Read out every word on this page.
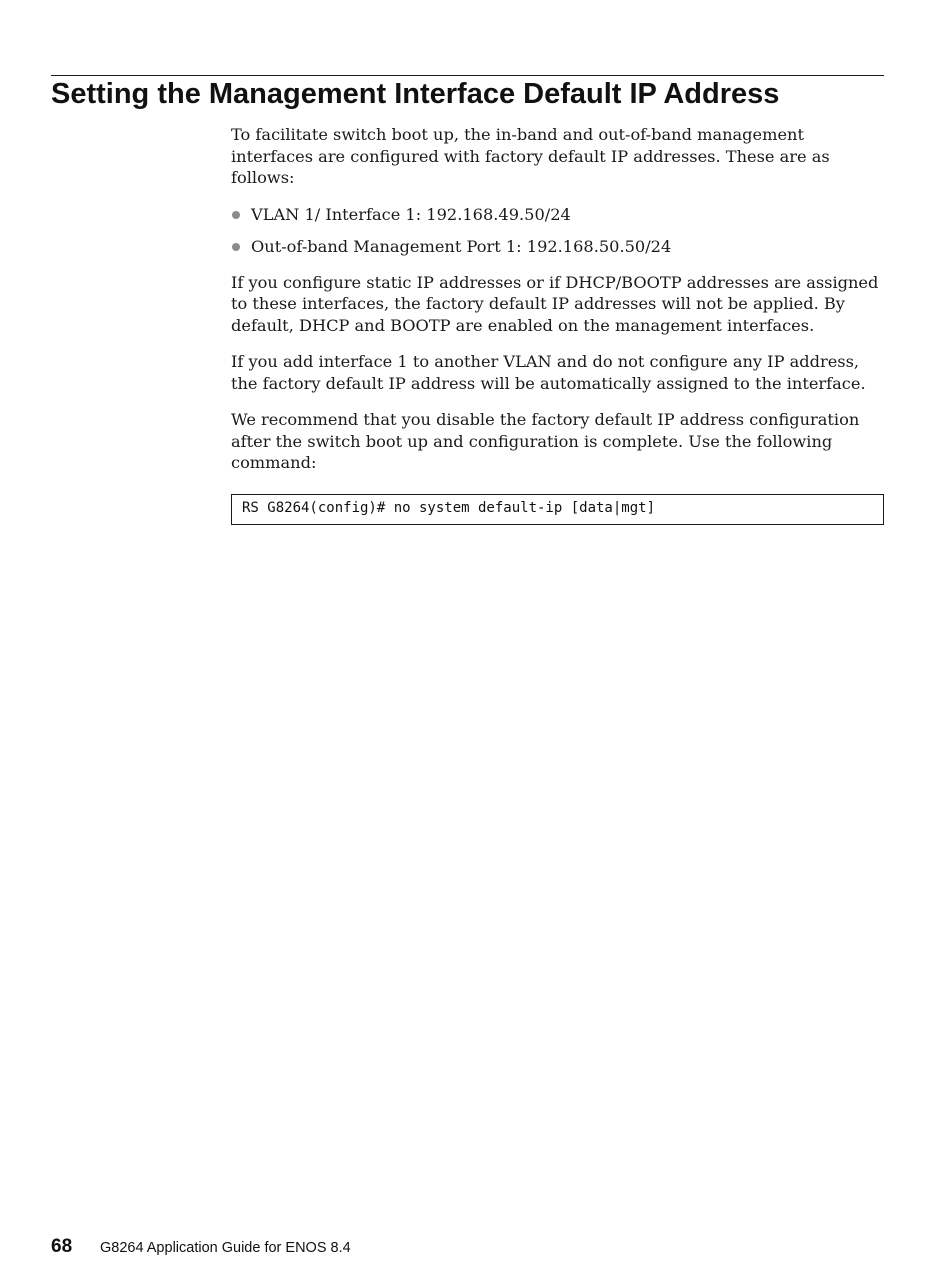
Setting the Management Interface Default IP Address

To facilitate switch boot up, the in-band and out-of-band management interfaces are configured with factory default IP addresses. These are as follows:

VLAN 1/ Interface 1: 192.168.49.50/24
Out-of-band Management Port 1: 192.168.50.50/24

If you configure static IP addresses or if DHCP/BOOTP addresses are assigned to these interfaces, the factory default IP addresses will not be applied. By default, DHCP and BOOTP are enabled on the management interfaces.

If you add interface 1 to another VLAN and do not configure any IP address, the factory default IP address will be automatically assigned to the interface.

We recommend that you disable the factory default IP address configuration after the switch boot up and configuration is complete. Use the following command:

RS G8264(config)# no system default-ip [data|mgt]
68 G8264 Application Guide for ENOS 8.4
